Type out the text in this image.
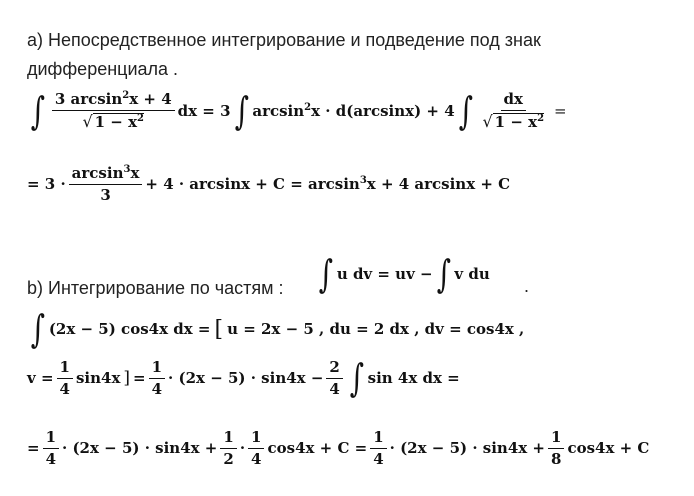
a) Непосредственное интегрирование и подведение под знак
дифференциала .
∫ $\frac{3 \arcsin^2x + 4}{√ 1 - x^2}$ dx = 3 ∫ $\arcsin^2x \cdot d(\arcsin x) + 4$ ∫ $\frac{dx}{√ 1 - x^2}$ =
= $3 \cdot \frac{\arcsin^3x}{3} + 4 \cdot \arcsin x + C = \arcsin^3x + 4$ arcsinx + C
b) Интегрирование по частям : ∫ u dv = uv − ∫ v du
.
∫ (2x − 5) cos4x dx = [ u = 2x − 5 , du = 2 dx , dv = cos4x ,
$v = \frac{1}{4} \sin 4x$ ] = $\frac{1}{4} \cdot (2x - 5) \cdot \sin 4x - \frac{2}{4}$ ∫ sin 4x dx =
= $\frac{1}{4} \cdot (2x - 5) \cdot \sin 4x + \frac{1}{2} \cdot \frac{1}{4} \cos 4x + C = \frac{1}{4} \cdot (2x - 5) \cdot \sin 4x + \frac{1}{8} \cos 4x + C$
